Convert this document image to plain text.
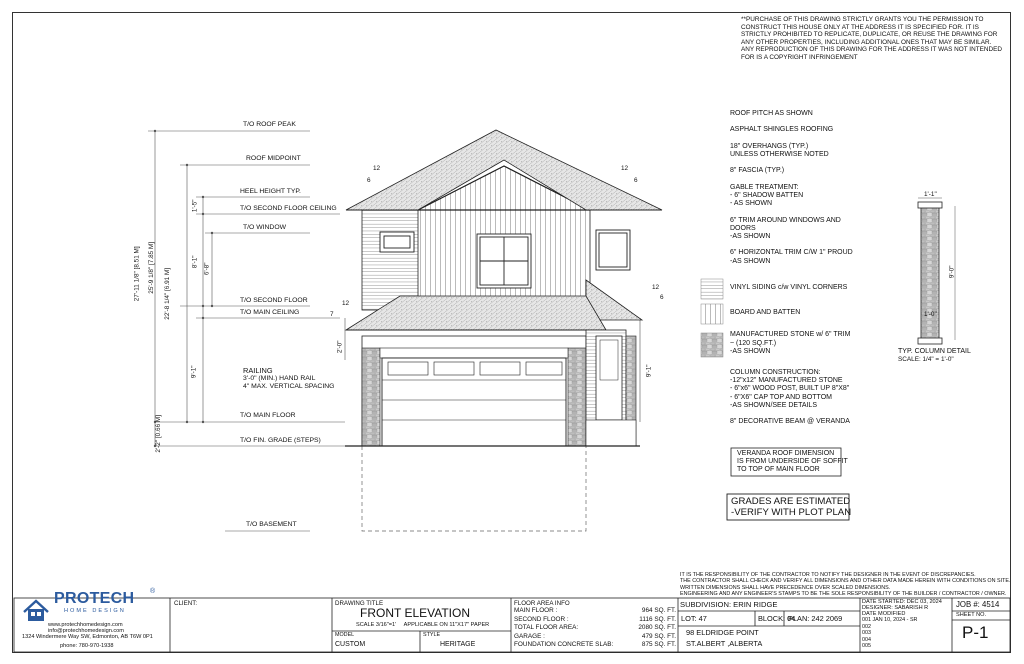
**PURCHASE OF THIS DRAWING STRICTLY GRANTS YOU THE PERMISSION TO
CONSTRUCT THIS HOUSE ONLY AT THE ADDRESS IT IS SPECIFIED FOR. IT IS
STRICTLY PROHIBITED TO REPLICATE, DUPLICATE, OR REUSE THE DRAWING FOR
ANY OTHER PROPERTIES, INCLUDING ADDITIONAL ONES THAT MAY BE SIMILAR.
ANY REPRODUCTION OF THIS DRAWING FOR THE ADDRESS IT WAS NOT INTENDED
FOR IS A COPYRIGHT INFRINGEMENT
T/O ROOF PEAK
ROOF MIDPOINT
HEEL HEIGHT TYP.
T/O SECOND FLOOR CEILING
T/O WINDOW
T/O SECOND FLOOR
T/O MAIN CEILING
T/O MAIN FLOOR
T/O FIN. GRADE (STEPS)
T/O BASEMENT
RAILING
3'-0" (MIN.) HAND RAIL
4" MAX. VERTICAL SPACING
27'-11 1/8" [8.51 M] 25'-9 1/8" [7.85 M]
22'-8 1/4" [6.91 M]
1'-5"
8'-1"
6'-8"
9'-1"
2'-2" [0.66 M]
2'-0"
9'-1"
12
6
12
6
12
7
12
6
ROOF PITCH AS SHOWN

ASPHALT SHINGLES ROOFING

18" OVERHANGS (TYP.)
UNLESS OTHERWISE NOTED

8" FASCIA (TYP.)

GABLE TREATMENT:
- 6" SHADOW BATTEN
- AS SHOWN

6" TRIM AROUND WINDOWS AND
DOORS
-AS SHOWN

6" HORIZONTAL TRIM C/W 1" PROUD
-AS SHOWN
VINYL SIDING c/w VINYL CORNERS
BOARD AND BATTEN
MANUFACTURED STONE w/ 6" TRIM
~ (120 SQ.FT.)
-AS SHOWN
COLUMN CONSTRUCTION:
-12"x12" MANUFACTURED STONE
- 6"x6" WOOD POST, BUILT UP 8"X8"
- 6"X6" CAP TOP AND BOTTOM
-AS SHOWN/SEE DETAILS

8" DECORATIVE BEAM @ VERANDA
VERANDA ROOF DIMENSION
IS FROM UNDERSIDE OF SOFFIT
TO TOP OF MAIN FLOOR
GRADES ARE ESTIMATED
-VERIFY WITH PLOT PLAN
1'-1"
9'-0"
1'-0"
TYP. COLUMN DETAIL
SCALE: 1/4" = 1'-0"
IT IS THE RESPONSIBILITY OF THE CONTRACTOR TO NOTIFY THE DESIGNER IN THE EVENT OF DISCREPANCIES.
THE CONTRACTOR SHALL CHECK AND VERIFY ALL DIMENSIONS AND OTHER DATA MADE HEREIN WITH CONDITIONS ON SITE.
WRITTEN DIMENSIONS SHALL HAVE PRECEDENCE OVER SCALED DIMENSIONS.
ENGINEERING AND ANY ENGINEER'S STAMPS TO BE THE SOLE RESPONSIBILITY OF THE BUILDER / CONTRACTOR / OWNER.
PROTECH ®
HOME DESIGN
www.protechhomedesign.com
info@protechhomedesign.com
1324 Windermere Way SW, Edmonton, AB T6W 0P1
phone: 780-970-1938
CLIENT:	DRAWING TITLE
FRONT ELEVATION
SCALE 3/16"=1'     APPLICABLE ON 11"X17" PAPER
MODEL
CUSTOM
STYLE
HERITAGE
FLOOR AREA INFO
MAIN FLOOR :	964 SQ. FT.
SECOND FLOOR :	1116 SQ. FT.
TOTAL FLOOR AREA:	2080 SQ. FT.
GARAGE :	479 SQ. FT.
FOUNDATION CONCRETE SLAB:	875 SQ. FT.
SUBDIVISION: ERIN RIDGE
LOT: 47	BLOCK: 04
PLAN: 242 2069
98 ELDRIDGE POINT
ST.ALBERT ,ALBERTA
DATE STARTED: DEC 03, 2024
DESIGNER: SABARISH R
DATE MODIFIED
001 JAN 10, 2024 - SR
002
003
004
005
JOB #: 4514
SHEET NO.
P-1
